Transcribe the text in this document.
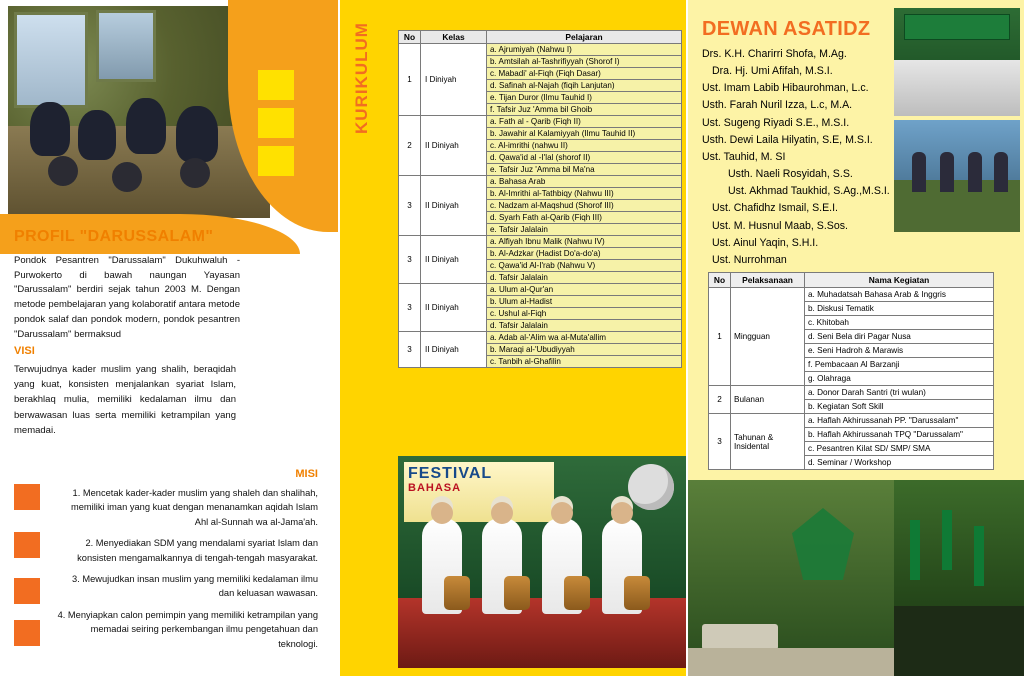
PROFIL "DARUSSALAM"
Pondok Pesantren "Darussalam" Dukuhwaluh - Purwokerto di bawah naungan Yayasan "Darussalam" berdiri sejak tahun 2003 M. Dengan metode pembelajaran yang kolaboratif antara metode pondok salaf dan pondok modern, pondok pesantren "Darussalam" bermaksud
VISI
Terwujudnya kader muslim yang shalih, beraqidah yang kuat, konsisten menjalankan syariat Islam, berakhlaq mulia, memiliki kedalaman ilmu dan berwawasan luas serta memiliki ketrampilan yang memadai.
MISI
1. Mencetak kader-kader muslim yang shaleh dan shalihah, memiliki iman yang kuat dengan menanamkan aqidah Islam Ahl al-Sunnah wa al-Jama'ah.
2. Menyediakan SDM yang mendalami syariat Islam dan konsisten mengamalkannya di tengah-tengah masyarakat.
3. Mewujudkan insan muslim yang memiliki kedalaman ilmu dan keluasan wawasan.
4. Menyiapkan calon pemimpin yang memiliki ketrampilan yang memadai seiring perkembangan ilmu pengetahuan dan teknologi.
KURIKULUM	No	Kelas	Pelajaran
1	I Diniyah	a. Ajrumiyah (Nahwu I)
		b. Amtsilah al-Tashrifiyyah (Shorof I)
		c. Mabadi' al-Fiqh (Fiqh Dasar)
		d. Safinah al-Najah (fiqih Lanjutan)
		e. Tijan Duror (Ilmu Tauhid I)
		f. Tafsir Juz 'Amma bil Ghoib
2	II Diniyah	a. Fath al - Qarib (Fiqh II)
		b. Jawahir al Kalamiyyah (Ilmu Tauhid II)
		c. Al-imrithi (nahwu II)
		d. Qawa'id al -I'lal (shorof II)
		e. Tafsir Juz 'Amma bil Ma'na
3	II Diniyah	a. Bahasa Arab
		b. Al-Imrithi al-Tathbiqy (Nahwu III)
		c. Nadzam al-Maqshud (Shorof III)
		d. Syarh Fath al-Qarib (Fiqh III)
		e. Tafsir Jalalain
3	II Diniyah	a. Alfiyah Ibnu Malik (Nahwu IV)
		b. Al-Adzkar (Hadist Do'a-do'a)
		c. Qawa'id Al-I'rab (Nahwu V)
		d. Tafsir Jalalain
3	II Diniyah	a. Ulum al-Qur'an
		b. Ulum al-Hadist
		c. Ushul al-Fiqh
		d. Tafsir Jalalain
3	II Diniyah	a. Adab al-'Alim wa al-Muta'allim
		b. Maraqi al-'Ubudiyyah
		c. Tanbih al-Ghafilin
FESTIVAL
BAHASA
DEWAN ASATIDZ
Drs. K.H. Charirri Shofa, M.Ag.
Dra. Hj. Umi Afifah, M.S.I.
Ust. Imam Labib Hibaurohman, L.c.
Usth. Farah Nuril Izza, L.c, M.A.
Ust. Sugeng Riyadi S.E., M.S.I.
Usth. Dewi Laila Hilyatin, S.E, M.S.I.
Ust. Tauhid, M. SI
Usth. Naeli Rosyidah, S.S.
Ust. Akhmad Taukhid, S.Ag.,M.S.I.
Ust. Chafidhz Ismail, S.E.I.
Ust. M. Husnul Maab, S.Sos.
Ust. Ainul Yaqin, S.H.I.
Ust. Nurrohman
No	Pelaksanaan	Nama Kegiatan
1	Mingguan	a. Muhadatsah Bahasa Arab & Inggris
		b. Diskusi Tematik
		c. Khitobah
		d. Seni Bela diri Pagar Nusa
		e. Seni Hadroh & Marawis
		f. Pembacaan Al Barzanji
		g. Olahraga
2	Bulanan	a. Donor Darah Santri (tri wulan)
		b. Kegiatan Soft Skill
3	Tahunan & Insidental	a. Haflah Akhirussanah PP. "Darussalam"
		b. Haflah Akhirussanah TPQ "Darussalam"
		c. Pesantren Kilat SD/ SMP/ SMA
		d. Seminar / Workshop
